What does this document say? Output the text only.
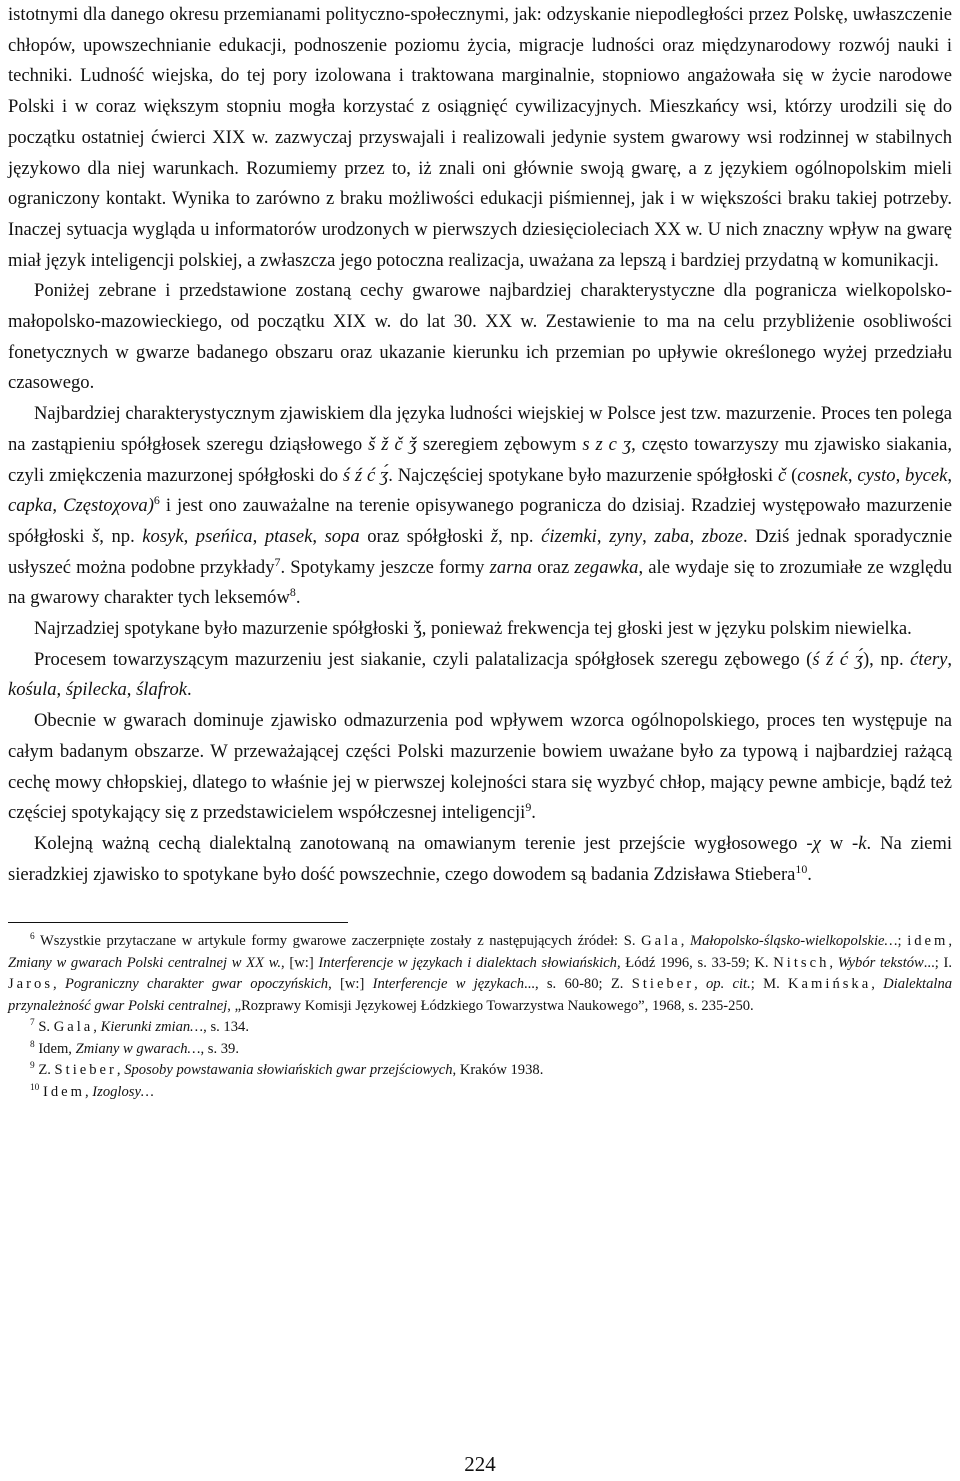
istotnymi dla danego okresu przemianami polityczno-społecznymi, jak: odzyskanie niepodległości przez Polskę, uwłaszczenie chłopów, upowszechnianie edukacji, podnoszenie poziomu życia, migracje ludności oraz międzynarodowy rozwój nauki i techniki. Ludność wiejska, do tej pory izolowana i traktowana marginalnie, stopniowo angażowała się w życie narodowe Polski i w coraz większym stopniu mogła korzystać z osiągnięć cywilizacyjnych. Mieszkańcy wsi, którzy urodzili się do początku ostatniej ćwierci XIX w. zazwyczaj przyswajali i realizowali jedynie system gwarowy wsi rodzinnej w stabilnych językowo dla niej warunkach. Rozumiemy przez to, iż znali oni głównie swoją gwarę, a z językiem ogólnopolskim mieli ograniczony kontakt. Wynika to zarówno z braku możliwości edukacji piśmiennej, jak i w większości braku takiej potrzeby. Inaczej sytuacja wygląda u informatorów urodzonych w pierwszych dziesięcioleciach XX w. U nich znaczny wpływ na gwarę miał język inteligencji polskiej, a zwłaszcza jego potoczna realizacja, uważana za lepszą i bardziej przydatną w komunikacji.

Poniżej zebrane i przedstawione zostaną cechy gwarowe najbardziej charakterystyczne dla pogranicza wielkopolsko-małopolsko-mazowieckiego, od początku XIX w. do lat 30. XX w. Zestawienie to ma na celu przybliżenie osobliwości fonetycznych w gwarze badanego obszaru oraz ukazanie kierunku ich przemian po upływie określonego wyżej przedziału czasowego.

Najbardziej charakterystycznym zjawiskiem dla języka ludności wiejskiej w Polsce jest tzw. mazurzenie. Proces ten polega na zastąpieniu spółgłosek szeregu dziąsłowego š ž č ǯ szeregiem zębowym s z c ʒ, często towarzyszy mu zjawisko siakania, czyli zmiękczenia mazurzonej spółgłoski do ś ź ć ʒ́. Najczęściej spotykane było mazurzenie spółgłoski č (cosnek, cysto, bycek, capka, Częstoχova)$^6$ i jest ono zauważalne na terenie opisywanego pogranicza do dzisiaj. Rzadziej występowało mazurzenie spółgłoski š, np. kosyk, pseńica, ptasek, sopa oraz spółgłoski ž, np. ćizemki, zyny, zaba, zboze. Dziś jednak sporadycznie usłyszeć można podobne przykłady$^7$. Spotykamy jeszcze formy zarna oraz zegawka, ale wydaje się to zrozumiałe ze względu na gwarowy charakter tych leksemów$^8$.

Najrzadziej spotykane było mazurzenie spółgłoski ǯ, ponieważ frekwencja tej głoski jest w języku polskim niewielka.

Procesem towarzyszącym mazurzeniu jest siakanie, czyli palatalizacja spółgłosek szeregu zębowego (ś ź ć ʒ́), np. ćtery, kośula, śpilecka, ślafrok.

Obecnie w gwarach dominuje zjawisko odmazurzenia pod wpływem wzorca ogólnopolskiego, proces ten występuje na całym badanym obszarze. W przeważającej części Polski mazurzenie bowiem uważane było za typową i najbardziej rażącą cechę mowy chłopskiej, dlatego to właśnie jej w pierwszej kolejności stara się wyzbyć chłop, mający pewne ambicje, bądź też częściej spotykający się z przedstawicielem współczesnej inteligencji$^9$.

Kolejną ważną cechą dialektalną zanotowaną na omawianym terenie jest przejście wygłosowego -χ w -k. Na ziemi sieradzkiej zjawisko to spotykane było dość powszechnie, czego dowodem są badania Zdzisława Stiebera$^{10}$.

$^6$ Wszystkie przytaczane w artykule formy gwarowe zaczerpnięte zostały z następujących źródeł: S. Gala, Małopolsko-śląsko-wielkopolskie…; idem, Zmiany w gwarach Polski centralnej w XX w., [w:] Interferencje w językach i dialektach słowiańskich, Łódź 1996, s. 33-59; K. Nitsch, Wybór tekstów...; I. Jaros, Pograniczny charakter gwar opoczyńskich, [w:] Interferencje w językach..., s. 60-80; Z. Stieber, op. cit.; M. Kamińska, Dialektalna przynależność gwar Polski centralnej, „Rozprawy Komisji Językowej Łódzkiego Towarzystwa Naukowego”, 1968, s. 235-250.

$^7$ S. Gala, Kierunki zmian…, s. 134.

$^8$ Idem, Zmiany w gwarach…, s. 39.

$^9$ Z. Stieber, Sposoby powstawania słowiańskich gwar przejściowych, Kraków 1938.

$^{10}$ Idem, Izoglosy…

224
